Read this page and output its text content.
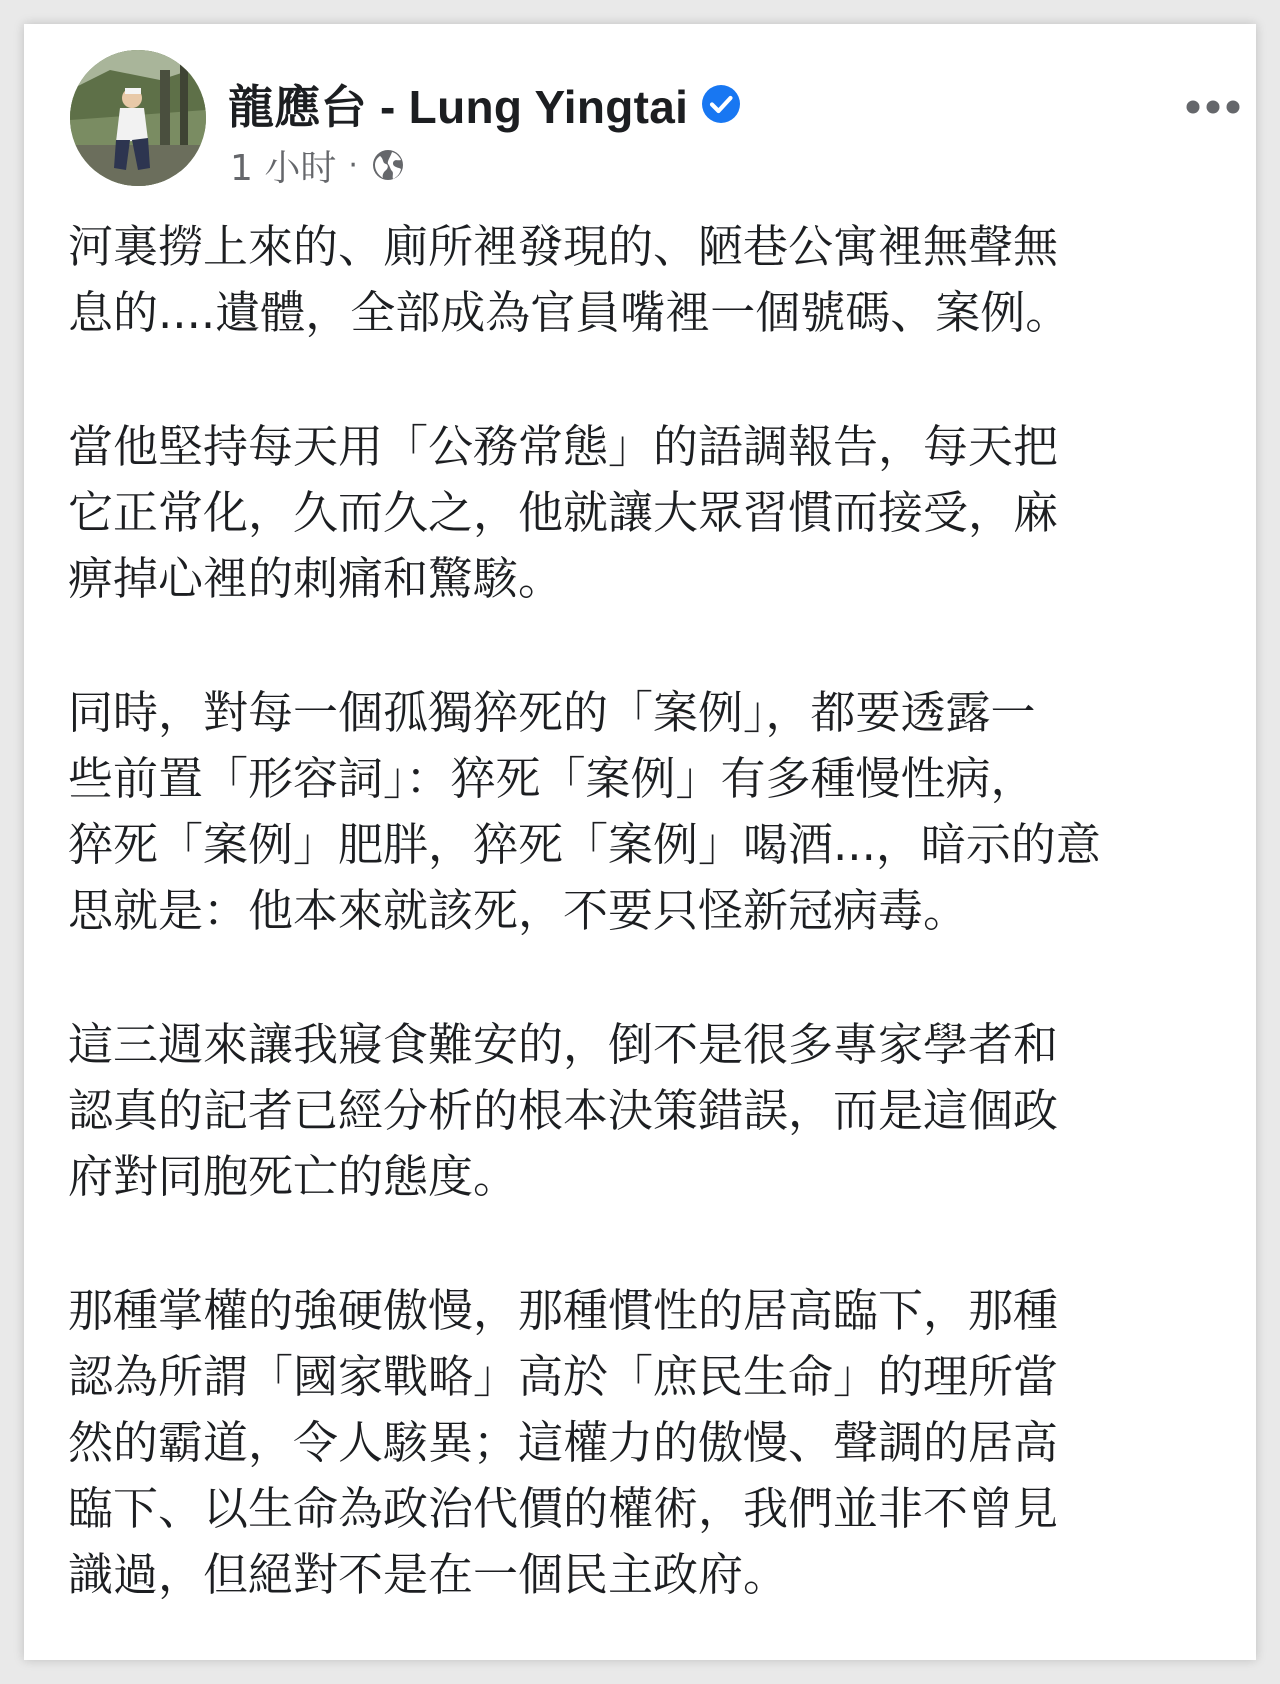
龍應台 - Lung Yingtai
1 小时 ·

河裏撈上來的、廁所裡發現的、陋巷公寓裡無聲無
息的....遺體，全部成為官員嘴裡一個號碼、案例。

當他堅持每天用「公務常態」的語調報告，每天把
它正常化，久而久之，他就讓大眾習慣而接受，麻
痹掉心裡的刺痛和驚駭。

同時，對每一個孤獨猝死的「案例」，都要透露一
些前置「形容詞」：猝死「案例」有多種慢性病，
猝死「案例」肥胖，猝死「案例」喝酒...，暗示的意
思就是：他本來就該死，不要只怪新冠病毒。

這三週來讓我寢食難安的，倒不是很多專家學者和
認真的記者已經分析的根本決策錯誤，而是這個政
府對同胞死亡的態度。

那種掌權的強硬傲慢，那種慣性的居高臨下，那種
認為所謂「國家戰略」高於「庶民生命」的理所當
然的霸道，令人駭異；這權力的傲慢、聲調的居高
臨下、以生命為政治代價的權術，我們並非不曾見
識過，但絕對不是在一個民主政府。
